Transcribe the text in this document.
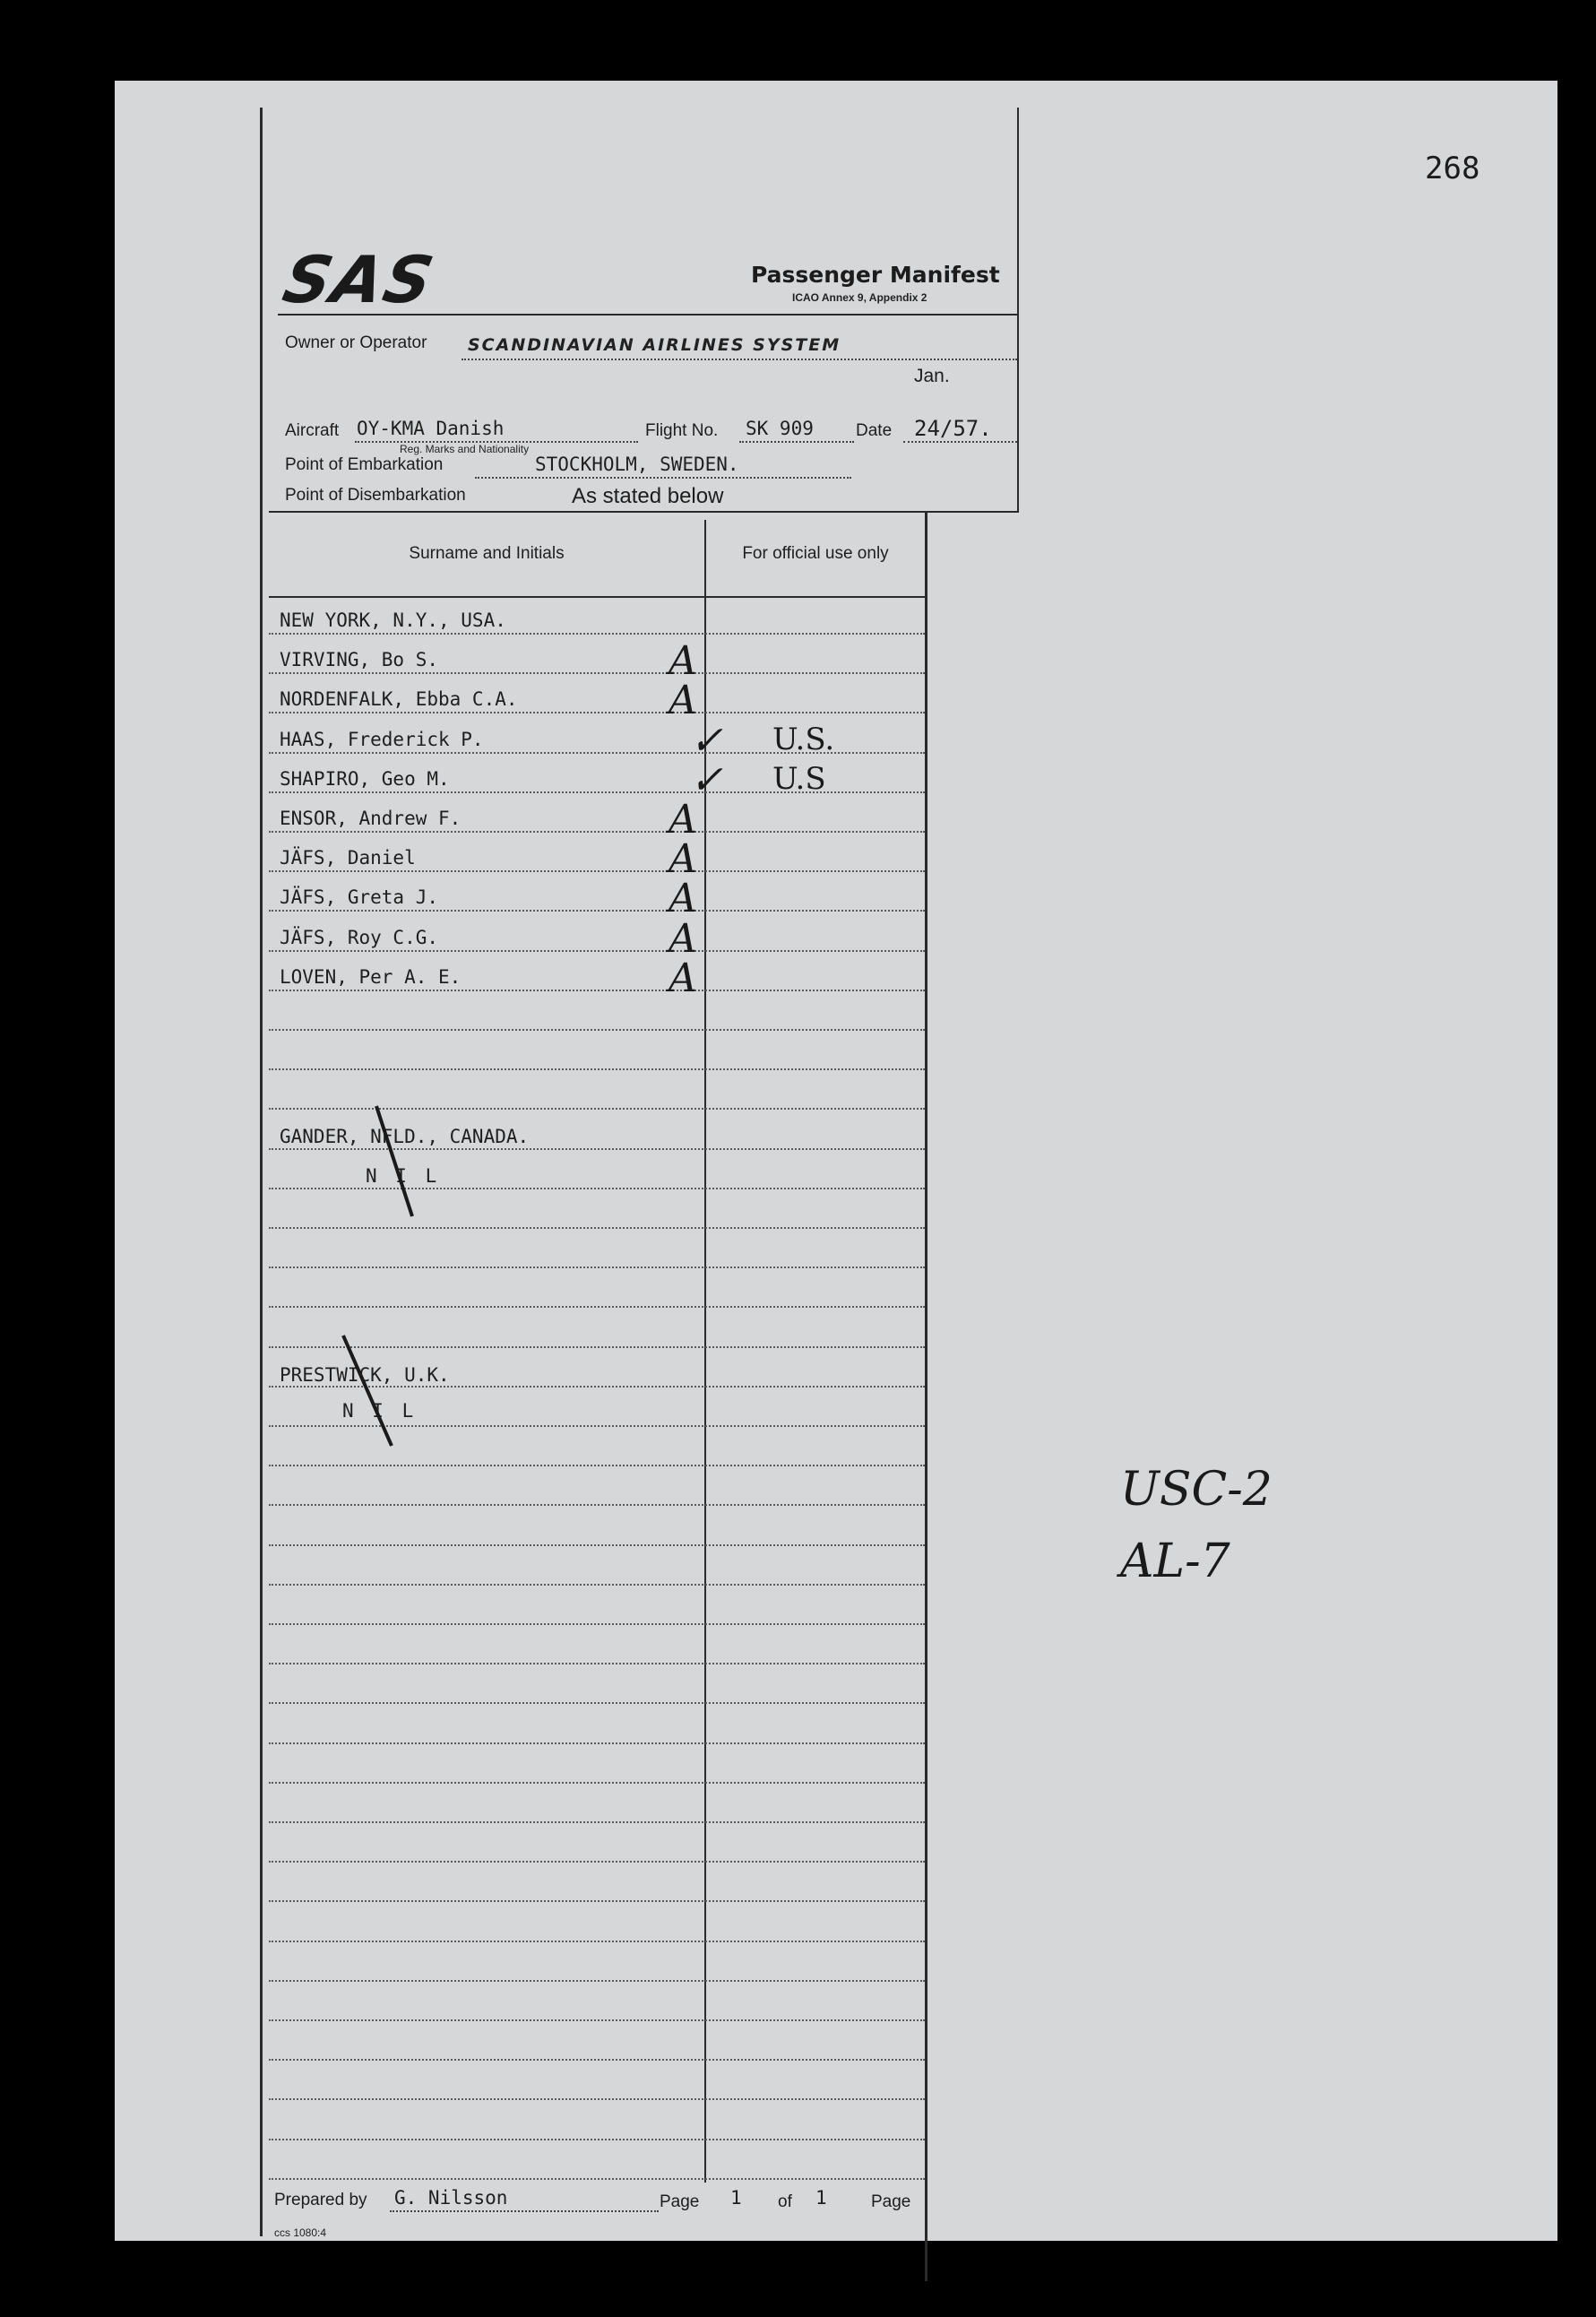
268
SAS	Passenger Manifest
ICAO Annex 9, Appendix 2
Owner or Operator SCANDINAVIAN AIRLINES SYSTEM
Jan.
Aircraft OY-KMA Danish
Reg. Marks and Nationality
Flight No. SK 909 Date 24/57.
Point of Embarkation	STOCKHOLM, SWEDEN.
Point of Disembarkation	As stated below
Surname and Initials	For official use only
NEW YORK, N.Y., USA.
VIRVING, Bo S.	A
NORDENFALK, Ebba C.A.	A
HAAS, Frederick P.	✓ U.S.
SHAPIRO, Geo M.	✓ U.S
ENSOR, Andrew F.	A
JÄFS, Daniel	A
JÄFS, Greta J.	A
JÄFS, Roy C.G.	A
LOVEN, Per A. E.	A
GANDER, NFLD., CANADA.
N I L
PRESTWICK, U.K.
N I L
USC-2
AL-7
Prepared by G. Nilsson	Page 1 of 1	Page
ccs 1080:4
